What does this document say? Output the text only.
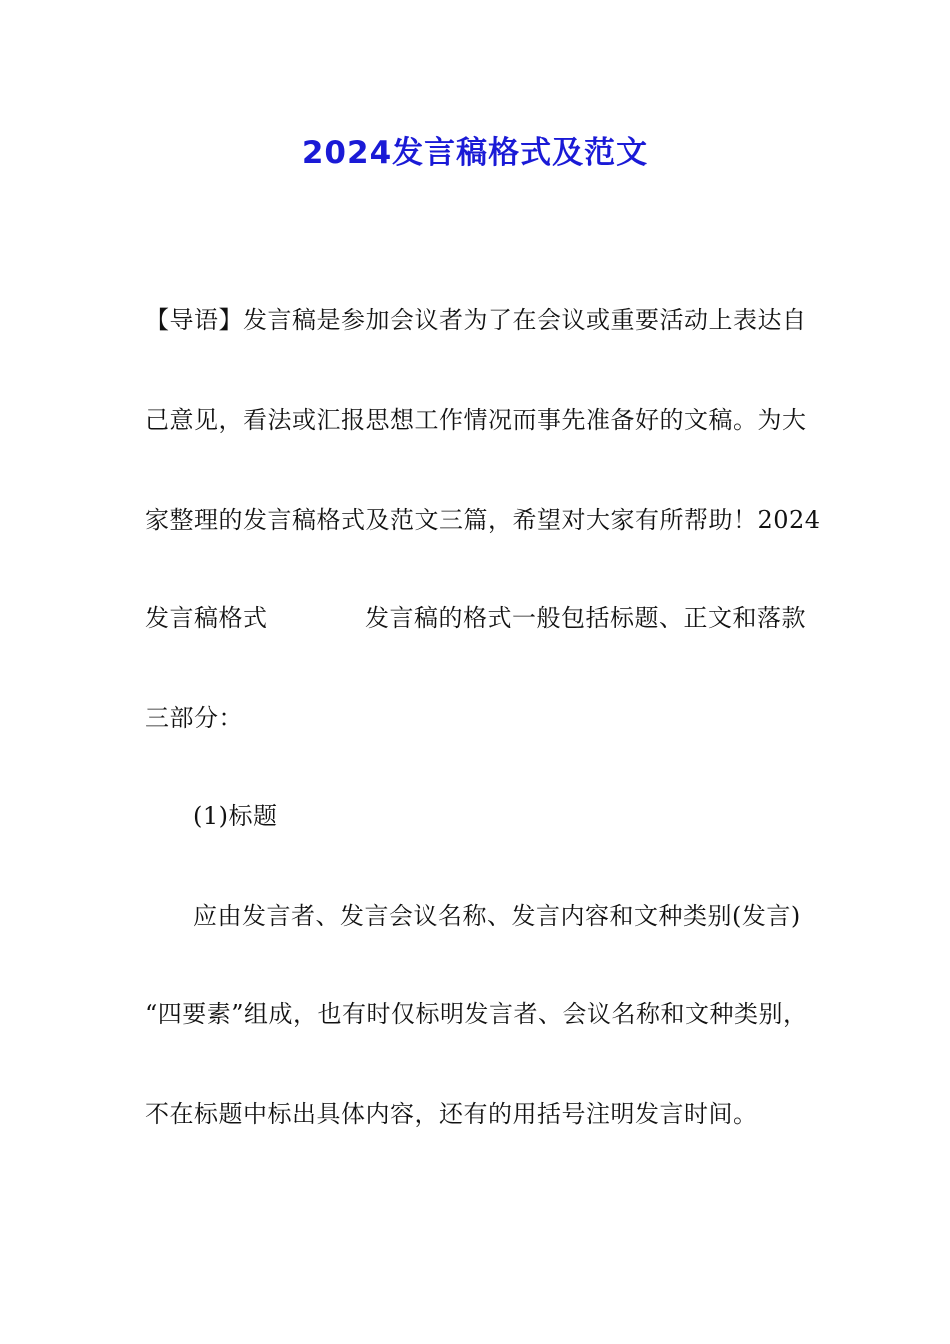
2024发言稿格式及范文
【导语】发言稿是参加会议者为了在会议或重要活动上表达自
己意见，看法或汇报思想工作情况而事先准备好的文稿。为大
家整理的发言稿格式及范文三篇，希望对大家有所帮助！2024
发言稿格式	发言稿的格式一般包括标题、正文和落款
三部分：
(1)标题
应由发言者、发言会议名称、发言内容和文种类别(发言)
“四要素”组成，也有时仅标明发言者、会议名称和文种类别，
不在标题中标出具体内容，还有的用括号注明发言时间。
